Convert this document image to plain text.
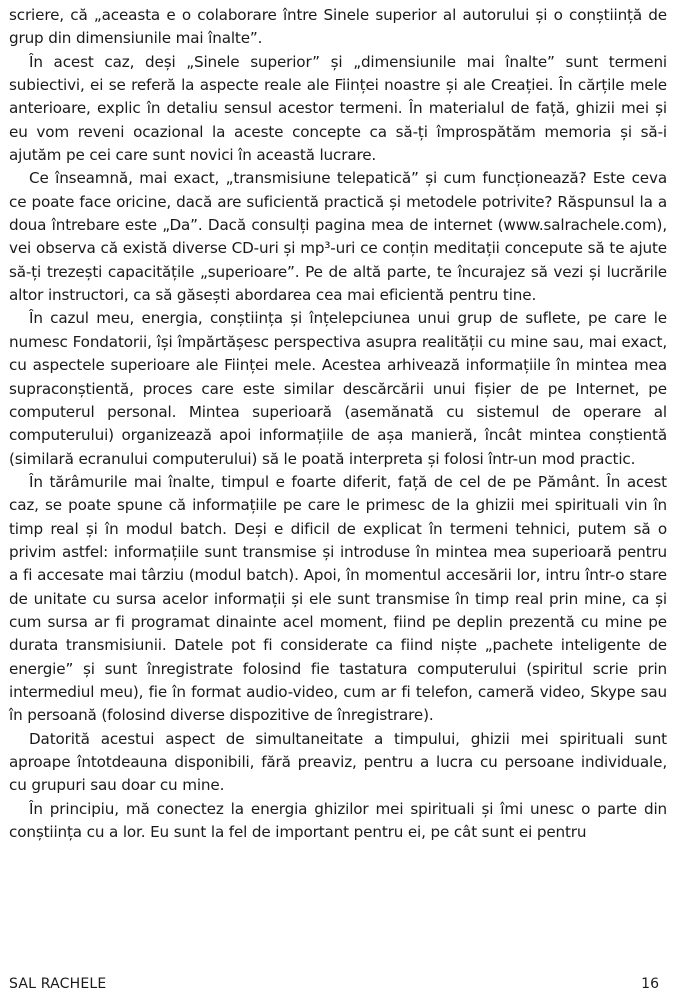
scriere, că „aceasta e o colaborare între Sinele superior al autorului și o conștiință de grup din dimensiunile mai înalte”.

În acest caz, deși „Sinele superior” și „dimensiunile mai înalte” sunt termeni subiectivi, ei se referă la aspecte reale ale Ființei noastre și ale Creației. În cărțile mele anterioare, explic în detaliu sensul acestor termeni. În materialul de față, ghizii mei și eu vom reveni ocazional la aceste concepte ca să-ți împrospătăm memoria și să-i ajutăm pe cei care sunt novici în această lucrare.

Ce înseamnă, mai exact, „transmisiune telepatică” și cum funcționează? Este ceva ce poate face oricine, dacă are suficientă practică și metodele potrivite? Răspunsul la a doua întrebare este „Da”. Dacă consulți pagina mea de internet (www.salrachele.com), vei observa că există diverse CD-uri și mp³-uri ce conțin meditații concepute să te ajute să-ți trezești capacitățile „superioare”. Pe de altă parte, te încurajez să vezi și lucrările altor instructori, ca să găsești abordarea cea mai eficientă pentru tine.

În cazul meu, energia, conștiința și înțelepciunea unui grup de suflete, pe care le numesc Fondatorii, își împărtășesc perspectiva asupra realității cu mine sau, mai exact, cu aspectele superioare ale Ființei mele. Acestea arhivează informațiile în mintea mea supraconștientă, proces care este similar descărcării unui fișier de pe Internet, pe computerul personal. Mintea superioară (asemănată cu sistemul de operare al computerului) organizează apoi informațiile de așa manieră, încât mintea conștientă (similară ecranului computerului) să le poată interpreta și folosi într-un mod practic.

În tărâmurile mai înalte, timpul e foarte diferit, față de cel de pe Pământ. În acest caz, se poate spune că informațiile pe care le primesc de la ghizii mei spirituali vin în timp real și în modul batch. Deși e dificil de explicat în termeni tehnici, putem să o privim astfel: informațiile sunt transmise și introduse în mintea mea superioară pentru a fi accesate mai târziu (modul batch). Apoi, în momentul accesării lor, intru într-o stare de unitate cu sursa acelor informații și ele sunt transmise în timp real prin mine, ca și cum sursa ar fi programat dinainte acel moment, fiind pe deplin prezentă cu mine pe durata transmisiunii. Datele pot fi considerate ca fiind niște „pachete inteligente de energie” și sunt înregistrate folosind fie tastatura computerului (spiritul scrie prin intermediul meu), fie în format audio-video, cum ar fi telefon, cameră video, Skype sau în persoană (folosind diverse dispozitive de înregistrare).

Datorită acestui aspect de simultaneitate a timpului, ghizii mei spirituali sunt aproape întotdeauna disponibili, fără preaviz, pentru a lucra cu persoane individuale, cu grupuri sau doar cu mine.

În principiu, mă conectez la energia ghizilor mei spirituali și îmi unesc o parte din conștiința cu a lor. Eu sunt la fel de important pentru ei, pe cât sunt ei pentru

SAL RACHELE	16
